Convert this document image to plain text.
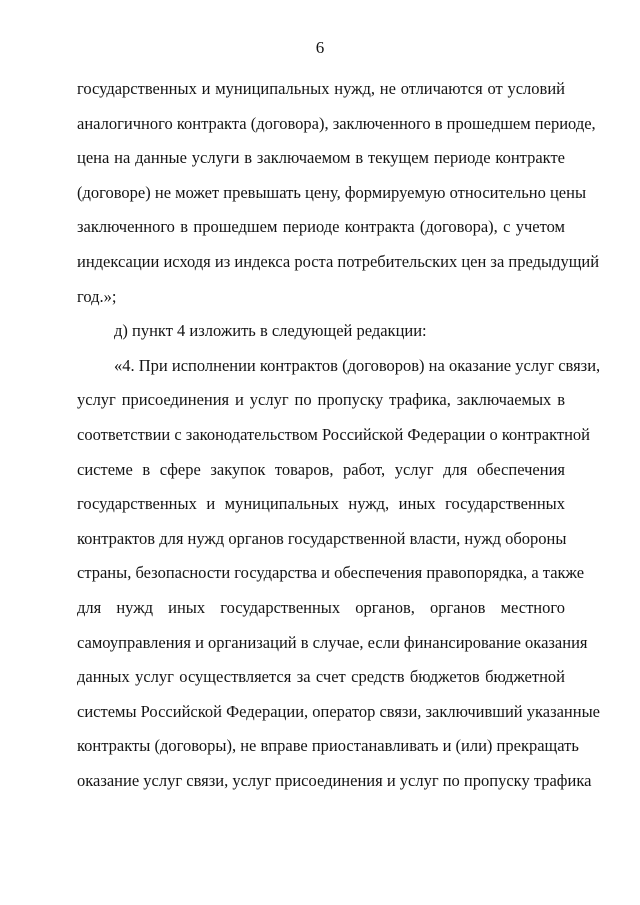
6
государственных и муниципальных нужд, не отличаются от условий
аналогичного контракта (договора), заключенного в прошедшем периоде,
цена на данные услуги в заключаемом в текущем периоде контракте
(договоре) не может превышать цену, формируемую относительно цены
заключенного в прошедшем периоде контракта (договора), с учетом
индексации исходя из индекса роста потребительских цен за предыдущий
год.»;
д) пункт 4 изложить в следующей редакции:
«4. При исполнении контрактов (договоров) на оказание услуг связи,
услуг присоединения и услуг по пропуску трафика, заключаемых в
соответствии с законодательством Российской Федерации о контрактной
системе в сфере закупок товаров, работ, услуг для обеспечения
государственных и муниципальных нужд, иных государственных
контрактов для нужд органов государственной власти, нужд обороны
страны, безопасности государства и обеспечения правопорядка, а также
для нужд иных государственных органов, органов местного
самоуправления и организаций в случае, если финансирование оказания
данных услуг осуществляется за счет средств бюджетов бюджетной
системы Российской Федерации, оператор связи, заключивший указанные
контракты (договоры), не вправе приостанавливать и (или) прекращать
оказание услуг связи, услуг присоединения и услуг по пропуску трафика
